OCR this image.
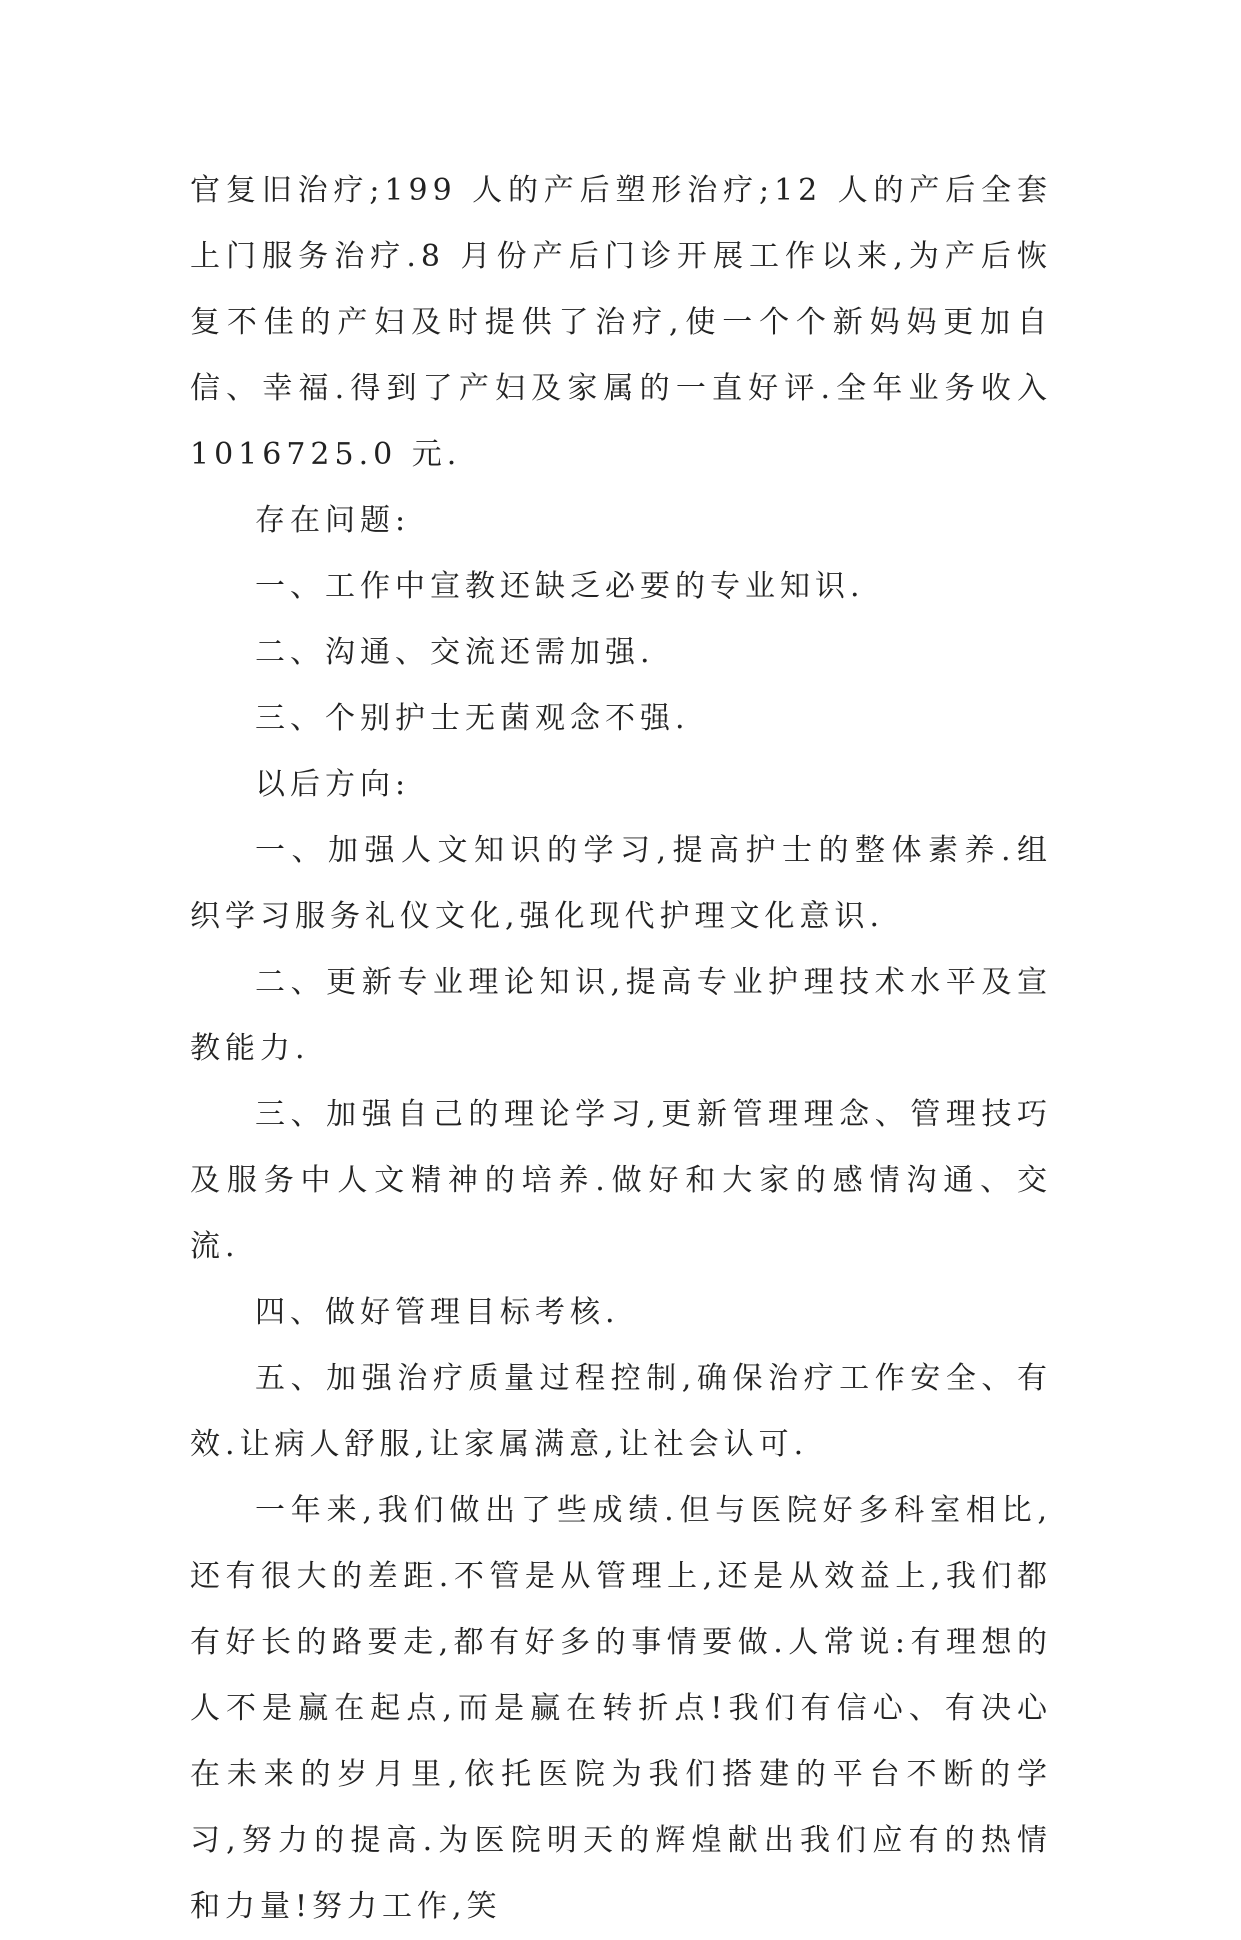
官复旧治疗;199 人的产后塑形治疗;12 人的产后全套上门服务治疗.8 月份产后门诊开展工作以来,为产后恢复不佳的产妇及时提供了治疗,使一个个新妈妈更加自信、幸福.得到了产妇及家属的一直好评.全年业务收入 1016725.0 元.

存在问题:

一、工作中宣教还缺乏必要的专业知识.

二、沟通、交流还需加强.

三、个别护士无菌观念不强.

以后方向:

一、加强人文知识的学习,提高护士的整体素养.组织学习服务礼仪文化,强化现代护理文化意识.

二、更新专业理论知识,提高专业护理技术水平及宣教能力.

三、加强自己的理论学习,更新管理理念、管理技巧及服务中人文精神的培养.做好和大家的感情沟通、交流.

四、做好管理目标考核.

五、加强治疗质量过程控制,确保治疗工作安全、有效.让病人舒服,让家属满意,让社会认可.

一年来,我们做出了些成绩.但与医院好多科室相比,还有很大的差距.不管是从管理上,还是从效益上,我们都有好长的路要走,都有好多的事情要做.人常说:有理想的人不是赢在起点,而是赢在转折点!我们有信心、有决心在未来的岁月里,依托医院为我们搭建的平台不断的学习,努力的提高.为医院明天的辉煌献出我们应有的热情和力量!努力工作,笑
